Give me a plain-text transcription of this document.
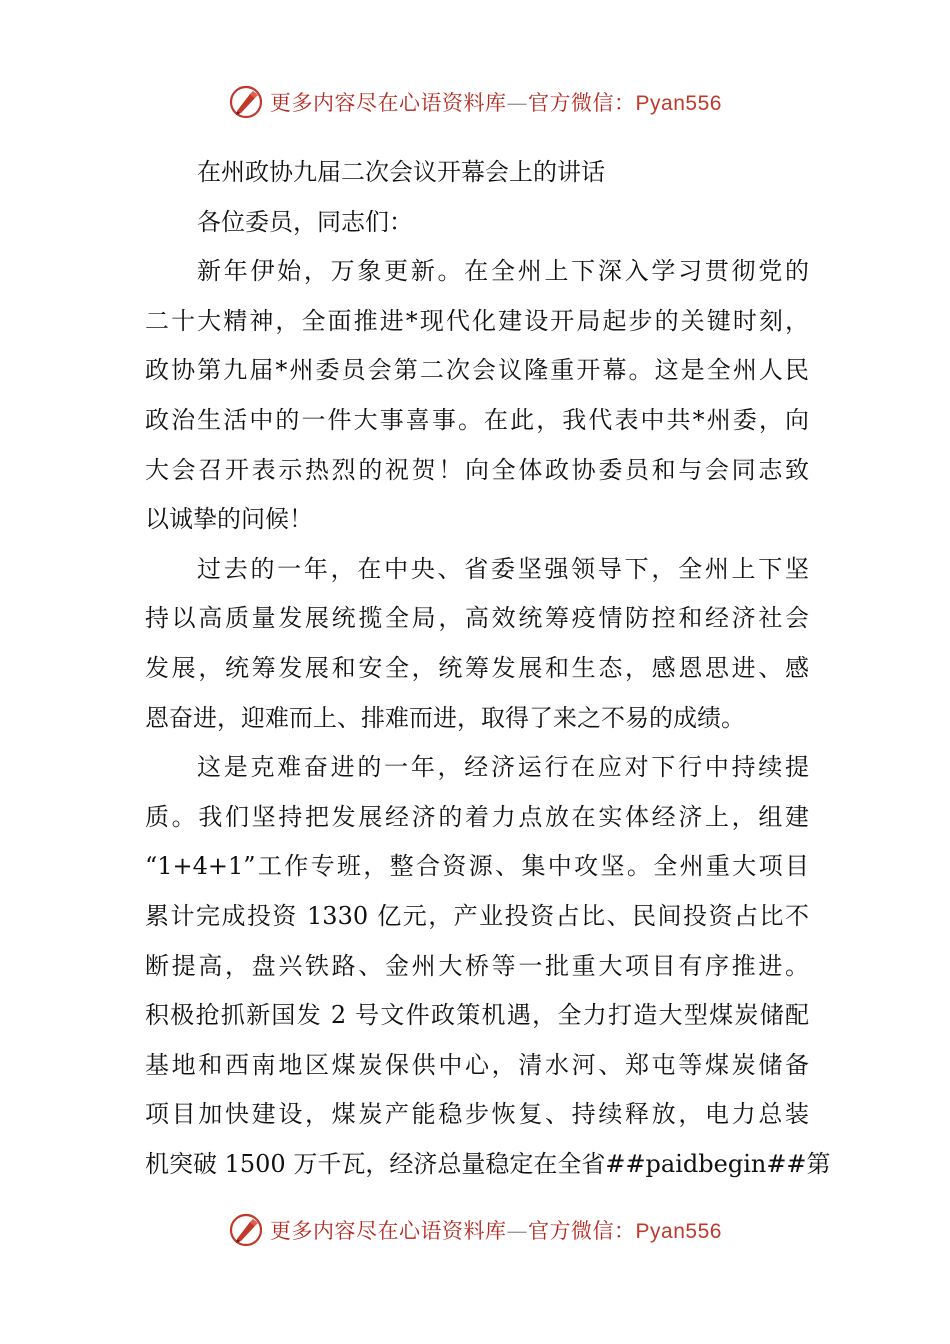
更多内容尽在心语资料库—官方微信：Pyan556
在州政协九届二次会议开幕会上的讲话
各位委员，同志们：
新年伊始，万象更新。在全州上下深入学习贯彻党的
二十大精神，全面推进*现代化建设开局起步的关键时刻，
政协第九届*州委员会第二次会议隆重开幕。这是全州人民
政治生活中的一件大事喜事。在此，我代表中共*州委，向
大会召开表示热烈的祝贺！向全体政协委员和与会同志致
以诚挚的问候！
过去的一年，在中央、省委坚强领导下，全州上下坚
持以高质量发展统揽全局，高效统筹疫情防控和经济社会
发展，统筹发展和安全，统筹发展和生态，感恩思进、感
恩奋进，迎难而上、排难而进，取得了来之不易的成绩。
这是克难奋进的一年，经济运行在应对下行中持续提
质。我们坚持把发展经济的着力点放在实体经济上，组建
“1+4+1”工作专班，整合资源、集中攻坚。全州重大项目
累计完成投资 1330 亿元，产业投资占比、民间投资占比不
断提高，盘兴铁路、金州大桥等一批重大项目有序推进。
积极抢抓新国发 2 号文件政策机遇，全力打造大型煤炭储配
基地和西南地区煤炭保供中心，清水河、郑屯等煤炭储备
项目加快建设，煤炭产能稳步恢复、持续释放，电力总装
机突破 1500 万千瓦，经济总量稳定在全省##paidbegin##第
更多内容尽在心语资料库—官方微信：Pyan556
